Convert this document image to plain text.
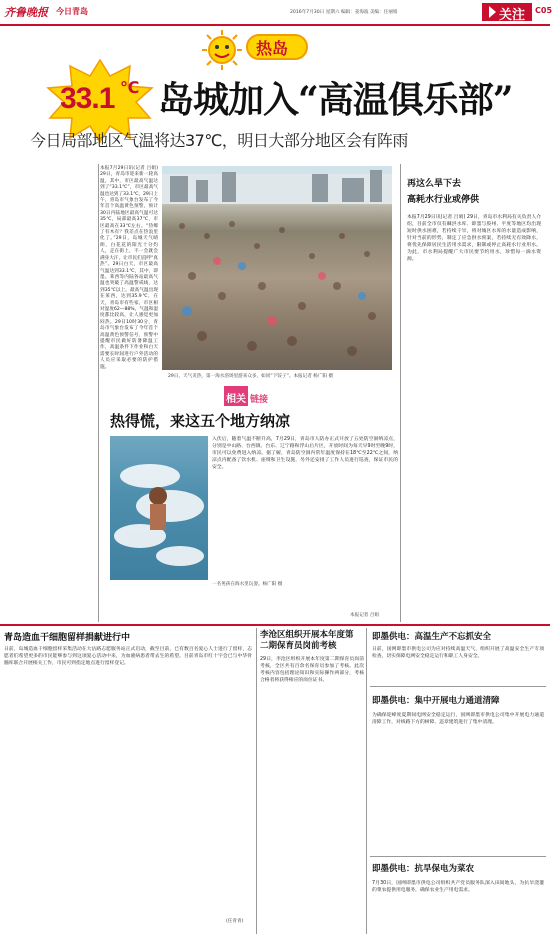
齐鲁晚报 今日青岛	2016年7月30日 星期六 编辑：姜海波 美编：任丽娟	关注 C05
热岛
33.1 ℃ 岛城加入“高温俱乐部”
今日局部地区气温将达37℃，明日大部分地区会有阵雨
本报7月29日讯(记者 吕娟) 29日，青岛市迎来新一轮高温，其中，市区最高气温达到了“33.1℃”，市区最高气温也达到了33.1℃，29日上午，青岛市气象台发布了今年首个高温黄色预警，预计30日内陆地区最高气温可达35℃，局部最高37℃，市区最高在33℃左右。“热爆了有木有？我差点在热浪里化了。”29日，岛城天气晴朗，白花花的阳光十分灼人，走在街上，不一会就会满身大汗，让市民们直呼“真热”。29日白天，市区最高气温达到33.1℃，其中，即墨、莱西等内陆各站最高气温也突破了高温警戒线，达到35℃以上。最高气温出现在莱西，达到35.9℃，在天，青岛市有些家，市区相对湿度62—88%，气温和湿度都比较高，让人感觉更加闷热。29日10时30分，青岛市气象台发布了今年首个高温黄色预警信号，预警中提醒市民做好防暑降温工作，高温条件下作业和白天需要长时间进行户外活动的人员应采取必要的防护措施。
29日，天气炎热，第一海水浴场里游来众多，如同“下饺子”。本报记者 杨广阳 摄
再这么旱下去
高耗水行业或停供
本报7月29日讯(记者 吕娟) 29日，青岛市水利局有关负责人介绍，目前全市仅有棘洪水库、即墨与胶州、平度等地区均出现短时供水困难，若持续干旱，将对城区水库的水量造成影响，针对当前的形势，制定了应急供水预案，若持续无有效降水，将优先保障居民生活用水需求，限制或停止高耗水行业用水。为此，市水利局提醒广大市民要节约用水，珍惜每一滴水资源。
相关 链接
热得慌，来这五个地方纳凉
一名男孩在海水里玩耍。杨广阳 摄
入伏后，随着气温不断升高，7月29日，青岛市人防办正式开放了五处防空洞纳凉点，分别是中山路、台西镇、台东、辽宁路和浮山后片区，开放时间为每天早9时至晚9时，市民可以免费进入纳凉。据了解，青岛防空洞内常年温度保持在18℃至22℃之间，纳凉点内配备了饮水机、座椅和卫生设施，另外还安排了工作人员进行巡查，保证市民的安全。
本报记者 吕娟
青岛造血干细胞留样捐献进行中
日前，岛城造血干细胞留样采集活动在大沽路志愿服务站正式启动，截至目前，已有数百名爱心人士进行了留样，志愿者们希望更多的市民能够参与到这项爱心活动中来，为血液病患者带去生的希望。目前青岛市红十字会已与中华骨髓库联合开展相关工作，市民可到指定地点进行留样登记。
(任青青)
李沧区组织开展本年度第二期保育员岗前考核
29日，李沧区组织开展本年度第二期保育员岗前考核，全区共有百余名保育员参加了考核。此次考核内容包括理论知识和实际操作两部分，考核合格者将获得相应的岗位证书。
即墨供电：高温生产不忘抓安全
日前，国网即墨市供电公司为应对持续高温天气，组织开展了高温安全生产专项检查，切实保障电网安全稳定运行和职工人身安全。
即墨供电：集中开展电力通道清障
为确保迎峰度夏期间电网安全稳定运行，国网即墨市供电公司集中开展电力通道清障工作，对线路下方的树障、违章建筑进行了集中清理。
即墨供电：抗旱保电为菜农
7月30日，国网即墨市供电公司组织共产党员服务队深入田间地头，为抗旱浇灌的菜农提供用电服务，确保农业生产用电需求。
